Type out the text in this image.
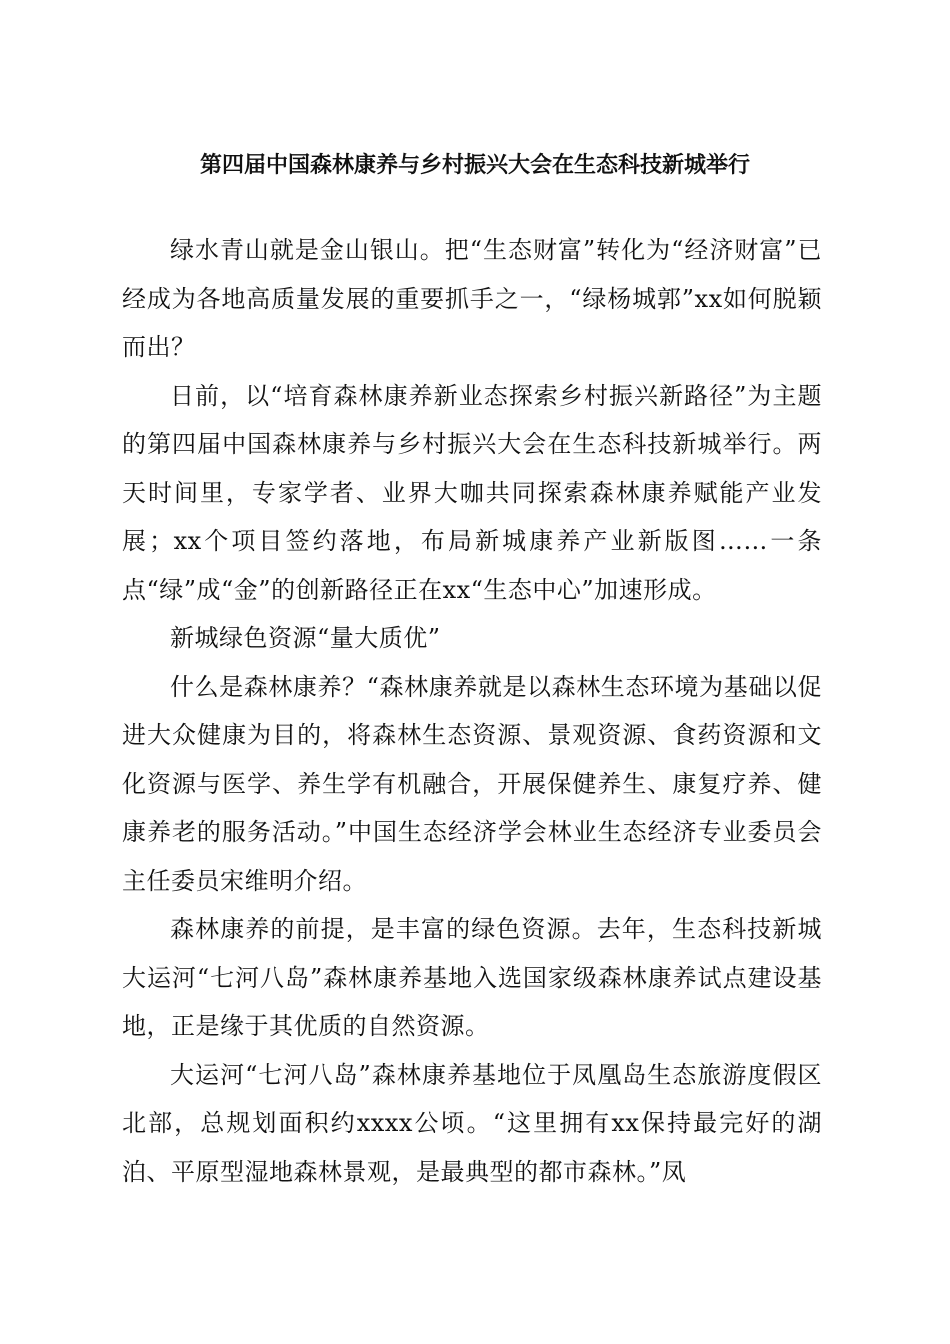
第四届中国森林康养与乡村振兴大会在生态科技新城举行

绿水青山就是金山银山。把“生态财富”转化为“经济财富”已经成为各地高质量发展的重要抓手之一，“绿杨城郭”xx如何脱颖而出？

日前，以“培育森林康养新业态探索乡村振兴新路径”为主题的第四届中国森林康养与乡村振兴大会在生态科技新城举行。两天时间里，专家学者、业界大咖共同探索森林康养赋能产业发展；xx个项目签约落地，布局新城康养产业新版图……一条点“绿”成“金”的创新路径正在xx“生态中心”加速形成。

新城绿色资源“量大质优”

什么是森林康养？“森林康养就是以森林生态环境为基础以促进大众健康为目的，将森林生态资源、景观资源、食药资源和文化资源与医学、养生学有机融合，开展保健养生、康复疗养、健康养老的服务活动。”中国生态经济学会林业生态经济专业委员会主任委员宋维明介绍。

森林康养的前提，是丰富的绿色资源。去年，生态科技新城大运河“七河八岛”森林康养基地入选国家级森林康养试点建设基地，正是缘于其优质的自然资源。

大运河“七河八岛”森林康养基地位于凤凰岛生态旅游度假区北部，总规划面积约xxxx公顷。“这里拥有xx保持最完好的湖泊、平原型湿地森林景观，是最典型的都市森林。”凤
